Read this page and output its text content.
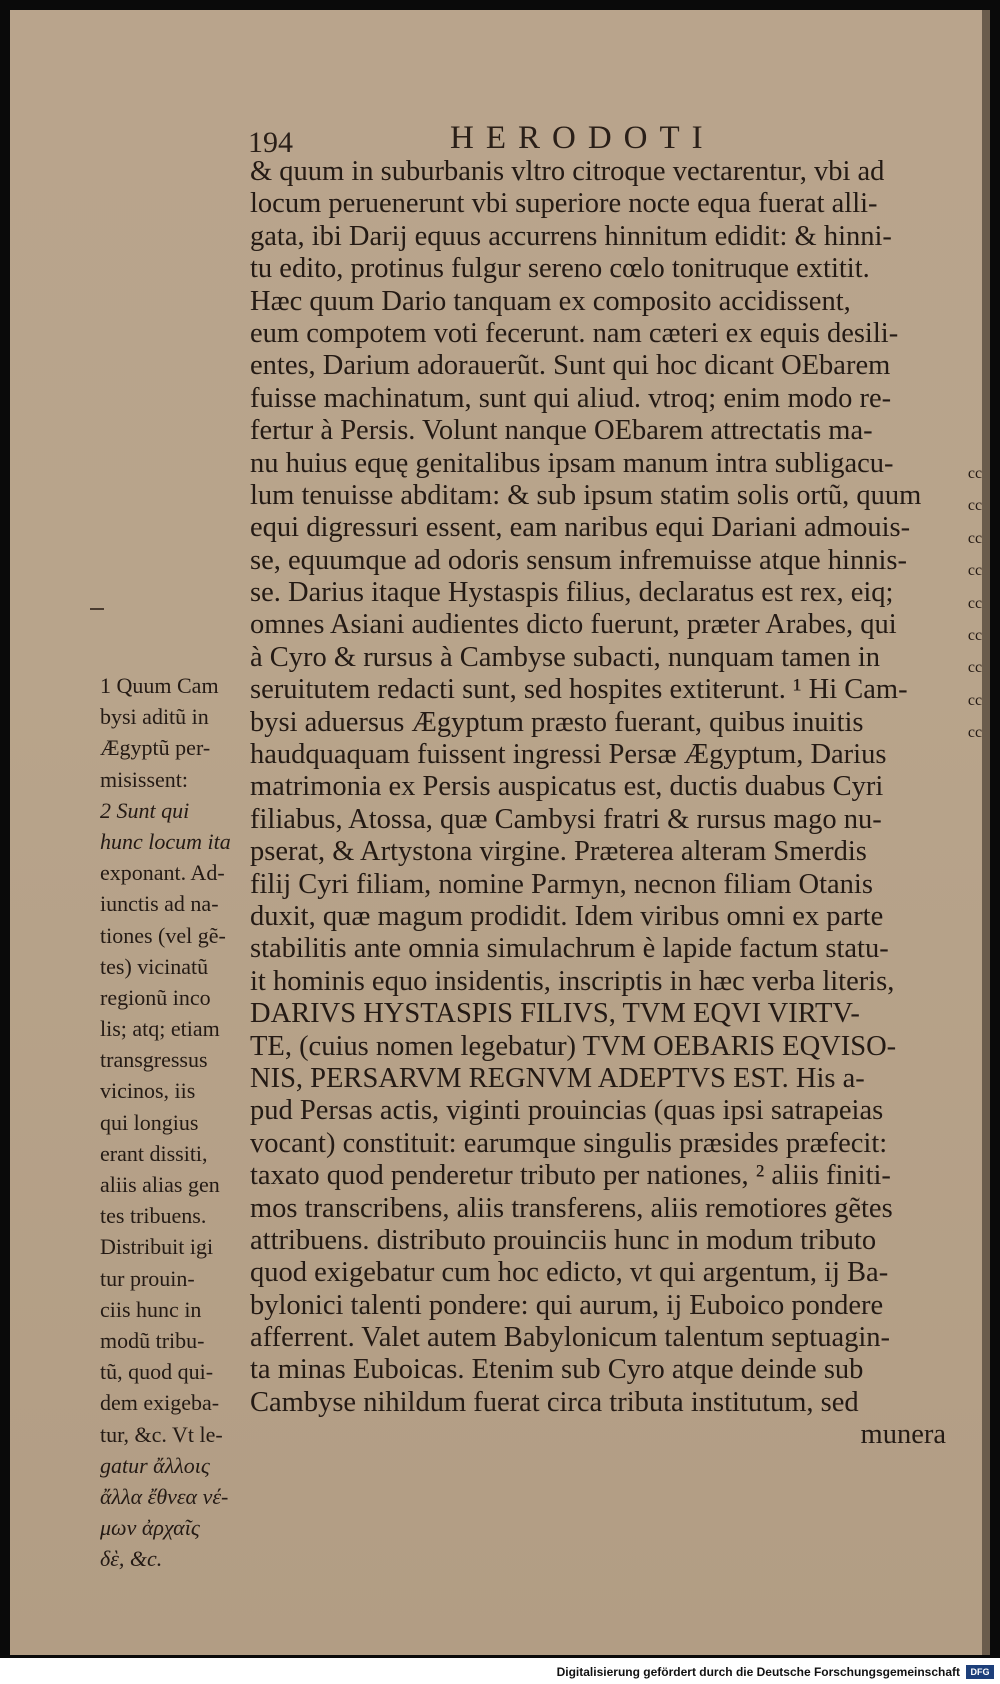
194	HERODOTI
& quum in suburbanis vltro citroque vectarentur, vbi ad
locum peruenerunt vbi superiore nocte equa fuerat alli-
gata, ibi Darij equus accurrens hinnitum edidit: & hinni-
tu edito, protinus fulgur sereno cœlo tonitruque extitit.
Hæc quum Dario tanquam ex composito accidissent,
eum compotem voti fecerunt. nam cæteri ex equis desili-
entes, Darium adorauerũt. Sunt qui hoc dicant OEbarem
fuisse machinatum, sunt qui aliud. vtroq; enim modo re-
fertur à Persis. Volunt nanque OEbarem attrectatis ma-
nu huius equę genitalibus ipsam manum intra subligacu-
lum tenuisse abditam: & sub ipsum statim solis ortũ, quum
equi digressuri essent, eam naribus equi Dariani admouis-
se, equumque ad odoris sensum infremuisse atque hinnis-
se. Darius itaque Hystaspis filius, declaratus est rex, eiq;
omnes Asiani audientes dicto fuerunt, præter Arabes, qui
à Cyro & rursus à Cambyse subacti, nunquam tamen in
seruitutem redacti sunt, sed hospites extiterunt. ¹ Hi Cam-
bysi aduersus Ægyptum præsto fuerant, quibus inuitis
haudquaquam fuissent ingressi Persæ Ægyptum, Darius
matrimonia ex Persis auspicatus est, ductis duabus Cyri
filiabus, Atossa, quæ Cambysi fratri & rursus mago nu-
pserat, & Artystona virgine. Præterea alteram Smerdis
filij Cyri filiam, nomine Parmyn, necnon filiam Otanis
duxit, quæ magum prodidit. Idem viribus omni ex parte
stabilitis ante omnia simulachrum è lapide factum statu-
it hominis equo insidentis, inscriptis in hæc verba literis,
DARIVS HYSTASPIS FILIVS, TVM EQVI VIRTV-
TE, (cuius nomen legebatur) TVM OEBARIS EQVISO-
NIS, PERSARVM REGNVM ADEPTVS EST. His a-
pud Persas actis, viginti prouincias (quas ipsi satrapeias
vocant) constituit: earumque singulis præsides præfecit:
taxato quod penderetur tributo per nationes, ² aliis finiti-
mos transcribens, aliis transferens, aliis remotiores gẽtes
attribuens. distributo prouinciis hunc in modum tributo
quod exigebatur cum hoc edicto, vt qui argentum, ij Ba-
bylonici talenti pondere: qui aurum, ij Euboico pondere
afferrent. Valet autem Babylonicum talentum septuagin-
ta minas Euboicas. Etenim sub Cyro atque deinde sub
Cambyse nihildum fuerat circa tributa institutum, sed
munera
1 Quum Cam
bysi aditũ in
Ægyptũ per-
misissent:
2 Sunt qui
hunc locum ita
exponant. Ad-
iunctis ad na-
tiones (vel gẽ-
tes) vicinatũ
regionũ inco
lis; atq; etiam
transgressus
vicinos, iis
qui longius
erant dissiti,
aliis alias gen
tes tribuens.
Distribuit igi
tur prouin-
ciis hunc in
modũ tribu-
tũ, quod qui-
dem exigeba-
tur, &c. Vt le-
gatur ἄλλοις
ἄλλα ἔθνεα νέ-
μων ἀρχαῖς
δὲ, &c.
cc
cc
cc
cc
cc
cc
cc
cc
cc
Digitalisierung gefördert durch die Deutsche Forschungsgemeinschaft	DFG
